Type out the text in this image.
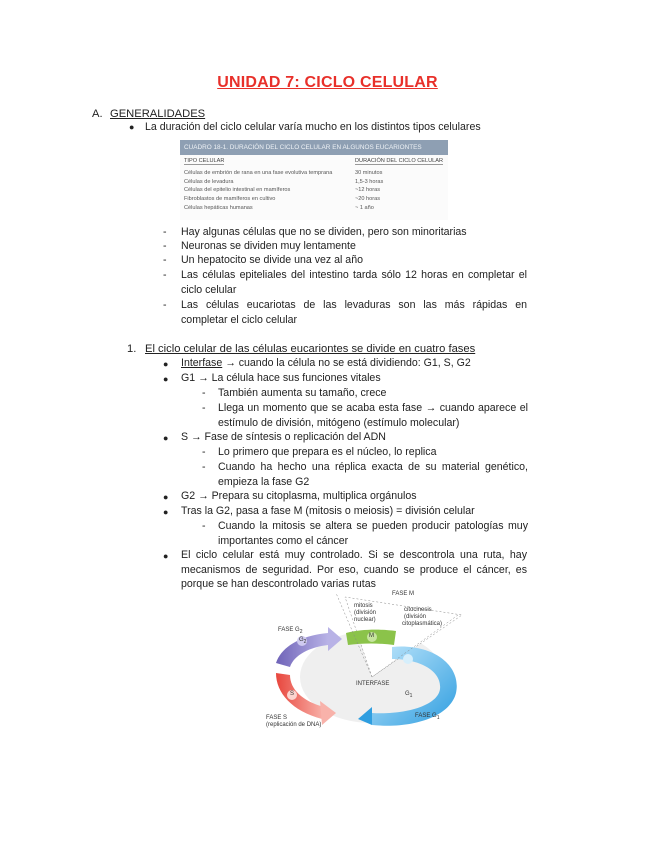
UNIDAD 7: CICLO CELULAR
A. GENERALIDADES
● La duración del ciclo celular varía mucho en los distintos tipos celulares
CUADRO 18-1. DURACIÓN DEL CICLO CELULAR EN ALGUNOS EUCARIONTES
TIPO CELULAR	DURACIÓN DEL CICLO CELULAR
Células de embrión de rana en una fase evolutiva temprana
Células de levadura
Células del epitelio intestinal en mamíferos
Fibroblastos de mamíferos en cultivo
Células hepáticas humanas
30 minutos
1,5-3 horas
~12 horas
~20 horas
~ 1 año
- Hay algunas células que no se dividen, pero son minoritarias
- Neuronas se dividen muy lentamente
- Un hepatocito se divide una vez al año
- Las células epiteliales del intestino tarda sólo 12 horas en completar el ciclo celular
- Las células eucariotas de las levaduras son las más rápidas en completar el ciclo celular
1. El ciclo celular de las células eucariontes se divide en cuatro fases
● Interfase → cuando la célula no se está dividiendo: G1, S, G2
● G1 → La célula hace sus funciones vitales
- También aumenta su tamaño, crece
- Llega un momento que se acaba esta fase → cuando aparece el estímulo de división, mitógeno (estímulo molecular)
● S → Fase de síntesis o replicación del ADN
- Lo primero que prepara es el núcleo, lo replica
- Cuando ha hecho una réplica exacta de su material genético, empieza la fase G2
● G2 → Prepara su citoplasma, multiplica orgánulos
● Tras la G2, pasa a fase M (mitosis o meiosis) = división celular
- Cuando la mitosis se altera se pueden producir patologías muy importantes como el cáncer
● El ciclo celular está muy controlado. Si se descontrola una ruta, hay mecanismos de seguridad. Por eso, cuando se produce el cáncer, es porque se han descontrolado varias rutas
FASE M
mitosis
(división
nuclear)
citocinesis
(división
citoplasmática)
FASE $G_2$
$G_2$
M
INTERFASE
$G_1$
S
FASE S
(replicación de DNA)
FASE $G_1$
